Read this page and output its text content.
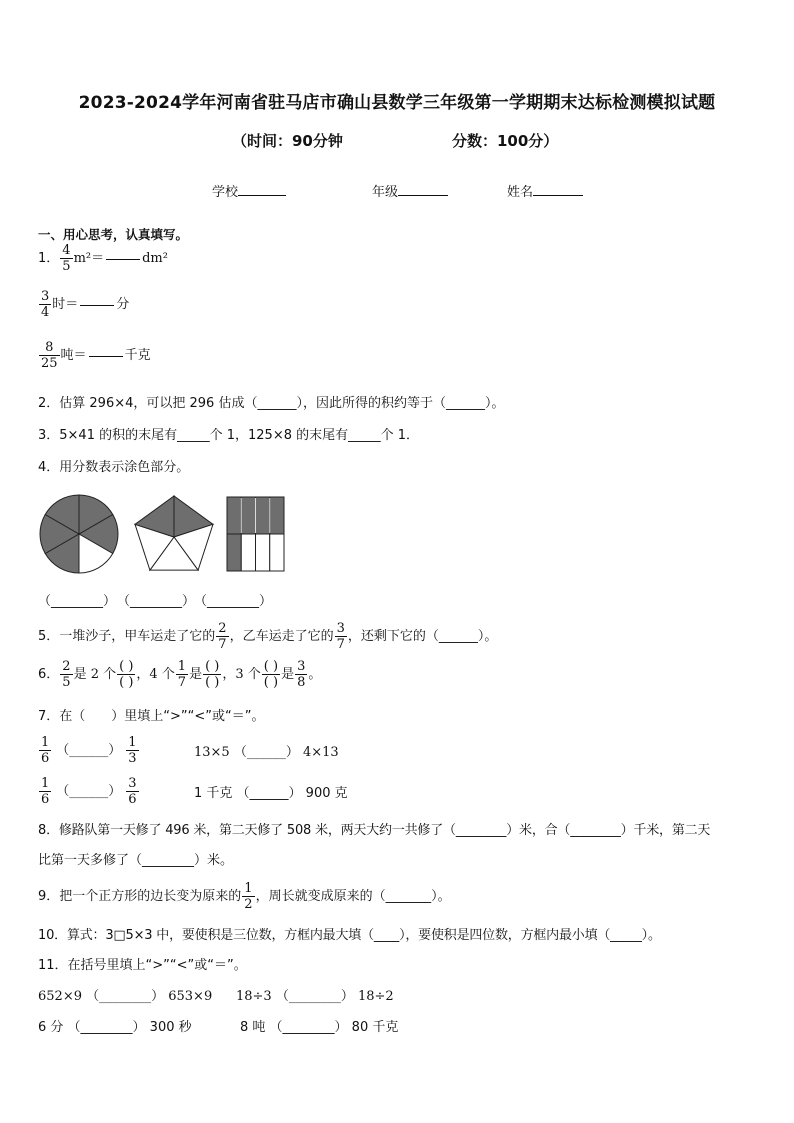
2023-2024学年河南省驻马店市确山县数学三年级第一学期期末达标检测模拟试题
（时间：90分钟	分数：100分）
学校	年级	姓名
一、用心思考，认真填写。
1． $\frac{4}{5} m^2=$	dm²
$\frac{3}{4}$ 时＝	分
$\frac{8}{25}$ 吨＝	千克
2．估算 296×4，可以把 296 估成（______），因此所得的积约等于（______）。
3．5×41 的积的末尾有_____个 1，125×8 的末尾有_____个 1．
4．用分数表示涂色部分。
（________） （________）
（________）
5．一堆沙子，甲车运走了它的 $\frac{2}{7}$ ，乙车运走了它的 $\frac{3}{7}$ ，还剩下它的（______）。
6． $\frac{2}{5}$ 是 2 个 $\frac{( )}{( )}$ ，4 个 $\frac{1}{7}$ 是 $\frac{( )}{( )}$ ，3 个 $\frac{( )}{( )}$ 是 $\frac{3}{8}$ 。
7．在（　　）里填上“>”“<”或“＝”。
$\frac{1}{6}$ （______） $\frac{1}{3}$	13×5 （______） 4×13
$\frac{1}{6}$ （______） $\frac{3}{6}$	1 千克 （______） 900 克
8．修路队第一天修了 496 米，第二天修了 508 米，两天大约一共修了（________）米，合（________）千米，第二天
比第一天多修了（________）米。
9．把一个正方形的边长变为原来的 $\frac{1}{2}$ ，周长就变成原来的（_______）。
10．算式：3□5×3 中，要使积是三位数，方框内最大填（____），要使积是四位数，方框内最小填（_____）。
11．在括号里填上“>”“<”或“＝”。
652×9 （________） 653×9 18÷3 （________） 18÷2
6 分 （________） 300 秒	8 吨 （________） 80 千克
